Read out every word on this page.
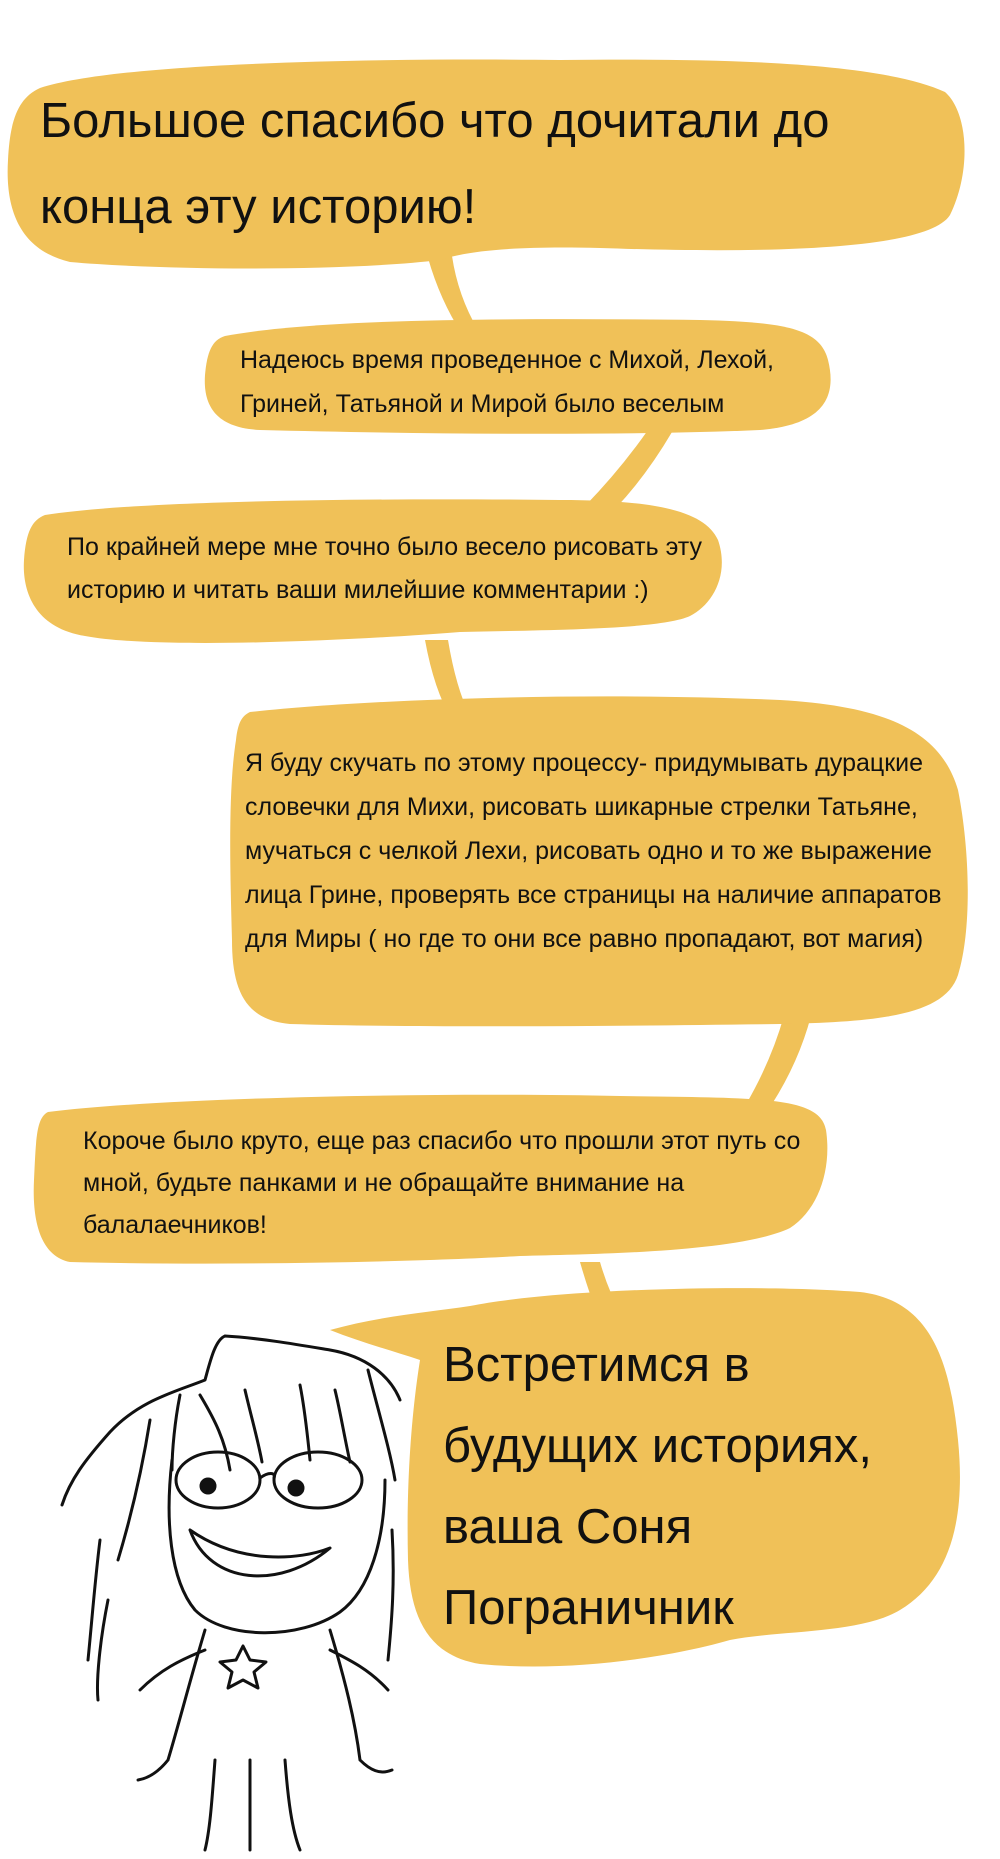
Большое спасибо что дочитали до конца эту историю!

Надеюсь время проведенное с Михой, Лехой, Гриней, Татьяной и Мирой было веселым

По крайней мере мне точно было весело рисовать эту историю и читать ваши милейшие комментарии :)

Я буду скучать по этому процессу- придумывать дурацкие словечки для Михи, рисовать шикарные стрелки Татьяне, мучаться с челкой Лехи, рисовать одно и то же выражение лица Грине, проверять все страницы на наличие аппаратов для Миры ( но где то они все равно пропадают, вот магия)

Короче было круто, еще раз спасибо что прошли этот путь со мной, будьте панками и не обращайте внимание на балалаечников!

Встретимся в будущих историях, ваша Соня Пограничник
